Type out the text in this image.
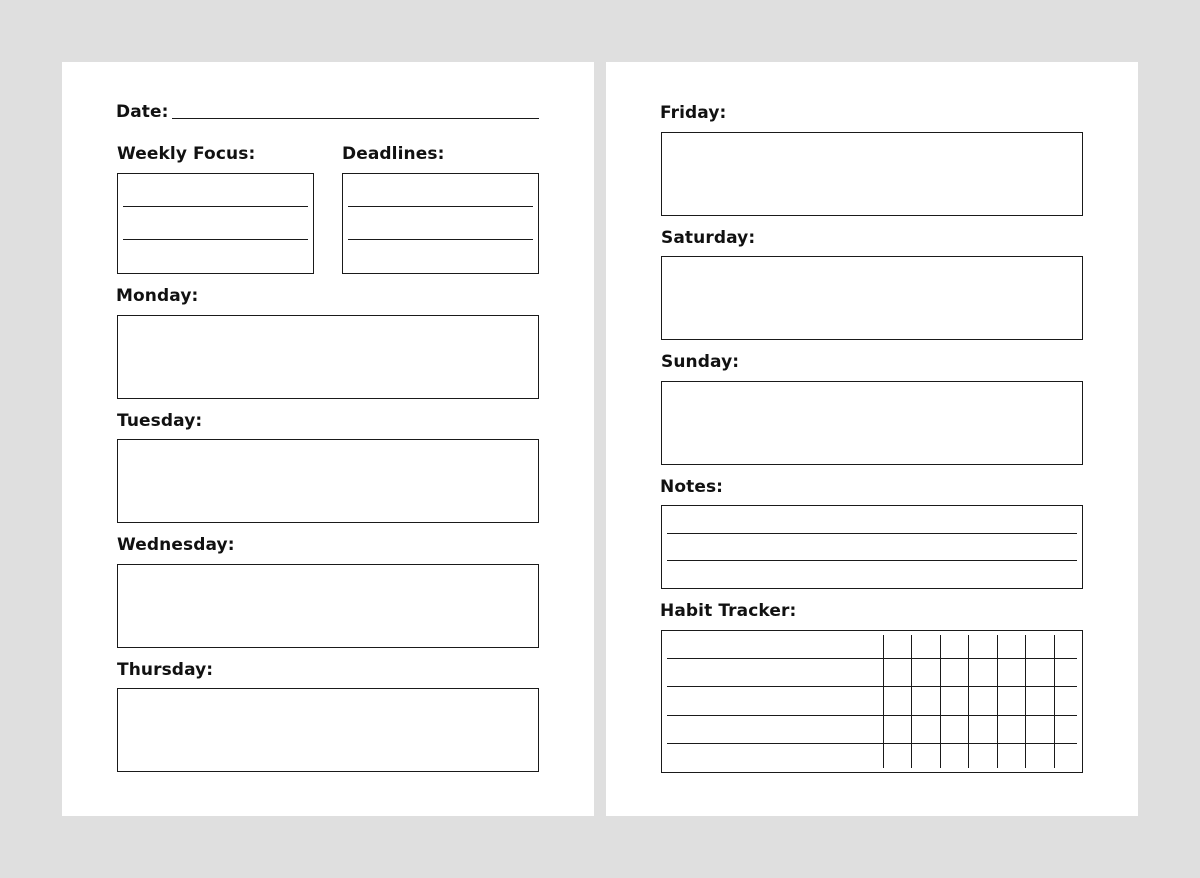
Date:
Weekly Focus:	Deadlines:
Monday:
Tuesday:
Wednesday:
Thursday:
Friday:
Saturday:
Sunday:
Notes:
Habit Tracker:
